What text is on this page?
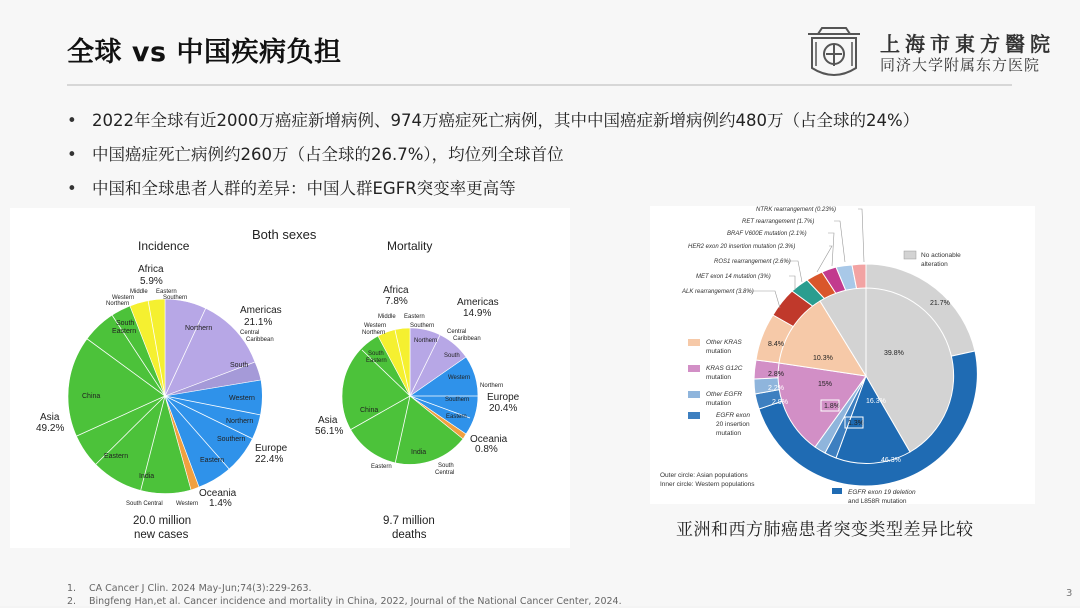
全球 vs 中国疾病负担	上海市東方醫院
同济大学附属东方医院
• 2022年全球有近2000万癌症新增病例、974万癌症死亡病例，其中中国癌症新增病例约480万（占全球的24%）
• 中国癌症死亡病例约260万（占全球的26.7%），均位列全球首位
• 中国和全球患者人群的差异：中国人群EGFR突变率更高等
Both sexes
Incidence	Mortality
Africa
5.9%
Americas
21.1%
Europe
22.4%
Oceania
1.4%
Asia
49.2%
Middle Eastern
Western	Southern
Northern
Northern
Central
Caribbean
South
South
Eastern
China	Western
Northern
Southern
Eastern
India
Eastern
South Central Western
20.0 million
new cases
Africa
7.8%	Americas
14.9%
Europe
20.4%
Oceania
0.8%
Asia
56.1%
Middle Eastern
Western
Northern
Southern
Central
Caribbean
Northern
South
South
Eastern
China
Western
Northern
Southern
Eastern
India
Eastern	South
Central
9.7 million
deaths
21.7%
46.3%
8.4%
2.8%
2.2%
2.9%
39.8%
16.3%
10.3%
15%
1.8%
1.3%
NTRK rearrangement (0.23%)
RET rearrangement (1.7%)
BRAF V600E mutation (2.1%)
HER2 exon 20 insertion mutation (2.3%)
ROS1 rearrangement (2.6%)
MET exon 14 mutation (3%)
ALK rearrangement (3.8%)
No actionable
alteration
Other KRAS
mutation
KRAS G12C
mutation
Other EGFR
mutation
EGFR exon
20 insertion
mutation
EGFR exon 19 deletion
and L858R mutation
Outer circle: Asian populations
Inner circle: Western populations
亚洲和西方肺癌患者突变类型差异比较
1. CA Cancer J Clin. 2024 May-Jun;74(3):229-263.
2. Bingfeng Han,et al. Cancer incidence and mortality in China, 2022, Journal of the National Cancer Center, 2024.
3
